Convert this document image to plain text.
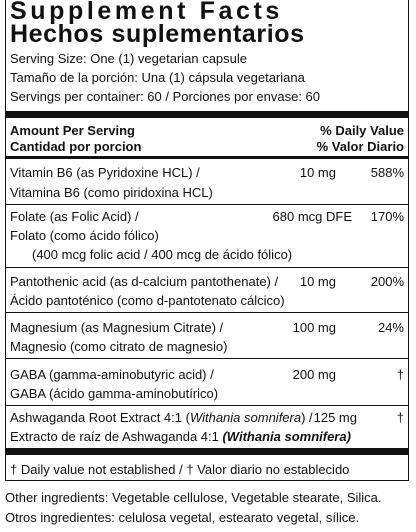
Supplement Facts
Hechos suplementarios
Serving Size: One (1) vegetarian capsule
Tamaño de la porción: Una (1) cápsula vegetariana
Servings per container: 60 / Porciones por envase: 60
Amount Per Serving
Cantidad por porcion
% Daily Value
% Valor Diario
Vitamin B6 (as Pyridoxine HCL) /
Vitamina B6 (como piridoxina HCL)
10 mg	588%
Folate (as Folic Acid) /
Folato (como ácido fólico)
(400 mcg folic acid / 400 mcg de ácido fólico)
680 mcg DFE 170%
Pantothenic acid (as d-calcium pantothenate) /
Ácido pantoténico (como d-pantotenato cálcico)
10 mg	200%
Magnesium (as Magnesium Citrate) /
Magnesio (como citrato de magnesio)
100 mg	24%
GABA (gamma-aminobutyric acid) /
GABA (ácido gamma-aminobutírico)
200 mg	†
Ashwaganda Root Extract 4:1 (Withania somnifera) /
Extracto de raíz de Ashwaganda 4:1 (Withania somnifera)
125 mg	†
† Daily value not established / † Valor diario no establecido
Other ingredients: Vegetable cellulose, Vegetable stearate, Silica.
Otros ingredientes: celulosa vegetal, estearato vegetal, sílice.
